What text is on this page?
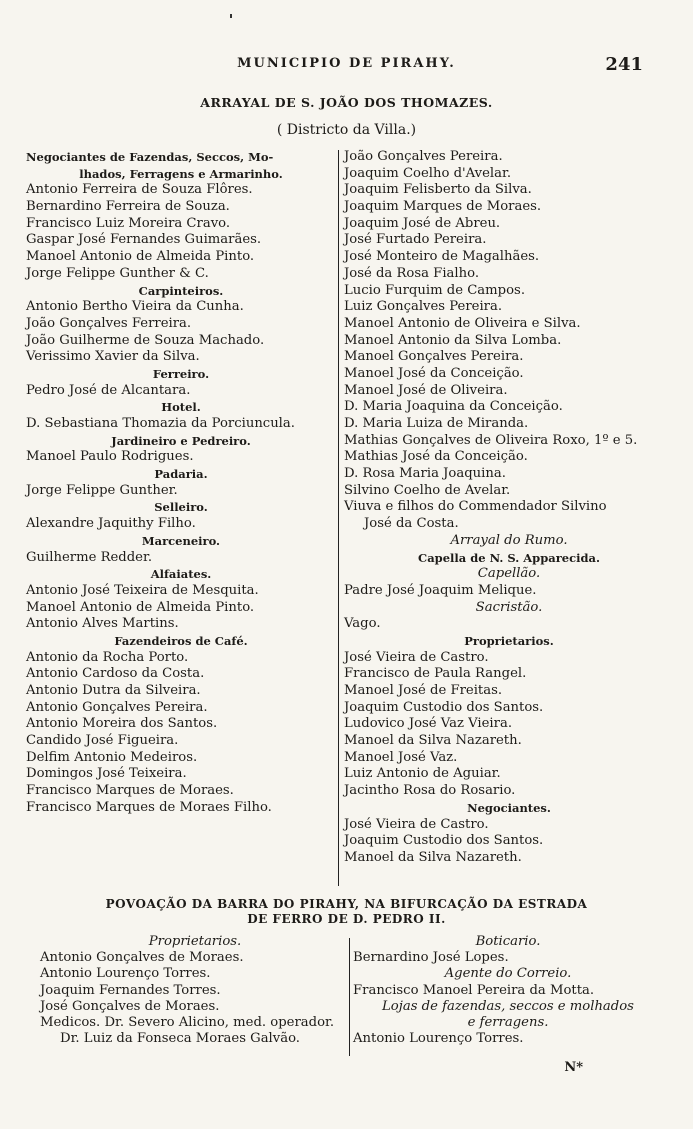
MUNICIPIO DE PIRAHY.	241
ARRAYAL DE S. JOÃO DOS THOMAZES.
( Districto da Villa.)
Negociantes de Fazendas, Seccos, Mo-
lhados, Ferragens e Armarinho.
Antonio Ferreira de Souza Flôres.
Bernardino Ferreira de Souza.
Francisco Luiz Moreira Cravo.
Gaspar José Fernandes Guimarães.
Manoel Antonio de Almeida Pinto.
Jorge Felippe Gunther & C.
Carpinteiros.
Antonio Bertho Vieira da Cunha.
João Gonçalves Ferreira.
João Guilherme de Souza Machado.
Verissimo Xavier da Silva.
Ferreiro.
Pedro José de Alcantara.
Hotel.
D. Sebastiana Thomazia da Porciuncula.
Jardineiro e Pedreiro.
Manoel Paulo Rodrigues.
Padaria.
Jorge Felippe Gunther.
Selleiro.
Alexandre Jaquithy Filho.
Marceneiro.
Guilherme Redder.
Alfaiates.
Antonio José Teixeira de Mesquita.
Manoel Antonio de Almeida Pinto.
Antonio Alves Martins.
Fazendeiros de Café.
Antonio da Rocha Porto.
Antonio Cardoso da Costa.
Antonio Dutra da Silveira.
Antonio Gonçalves Pereira.
Antonio Moreira dos Santos.
Candido José Figueira.
Delfim Antonio Medeiros.
Domingos José Teixeira.
Francisco Marques de Moraes.
Francisco Marques de Moraes Filho.
João Gonçalves Pereira.
Joaquim Coelho d'Avelar.
Joaquim Felisberto da Silva.
Joaquim Marques de Moraes.
Joaquim José de Abreu.
José Furtado Pereira.
José Monteiro de Magalhães.
José da Rosa Fialho.
Lucio Furquim de Campos.
Luiz Gonçalves Pereira.
Manoel Antonio de Oliveira e Silva.
Manoel Antonio da Silva Lomba.
Manoel Gonçalves Pereira.
Manoel José da Conceição.
Manoel José de Oliveira.
D. Maria Joaquina da Conceição.
D. Maria Luiza de Miranda.
Mathias Gonçalves de Oliveira Roxo, 1º e 5.
Mathias José da Conceição.
D. Rosa Maria Joaquina.
Silvino Coelho de Avelar.
Viuva e filhos do Commendador Silvino
José da Costa.
Arrayal do Rumo.
Capella de N. S. Apparecida.
Capellão.
Padre José Joaquim Melique.
Sacristão.
Vago.
Proprietarios.
José Vieira de Castro.
Francisco de Paula Rangel.
Manoel José de Freitas.
Joaquim Custodio dos Santos.
Ludovico José Vaz Vieira.
Manoel da Silva Nazareth.
Manoel José Vaz.
Luiz Antonio de Aguiar.
Jacintho Rosa do Rosario.
Negociantes.
José Vieira de Castro.
Joaquim Custodio dos Santos.
Manoel da Silva Nazareth.
POVOAÇÃO DA BARRA DO PIRAHY, NA BIFURCAÇÃO DA ESTRADA
DE FERRO DE D. PEDRO II.
Proprietarios.
Antonio Gonçalves de Moraes.
Antonio Lourenço Torres.
Joaquim Fernandes Torres.
José Gonçalves de Moraes.
Medicos. Dr. Severo Alicino, med. operador.
Dr. Luiz da Fonseca Moraes Galvão.
Boticario.
Bernardino José Lopes.
Agente do Correio.
Francisco Manoel Pereira da Motta.
Lojas de fazendas, seccos e molhados
e ferragens.
Antonio Lourenço Torres.
N*
